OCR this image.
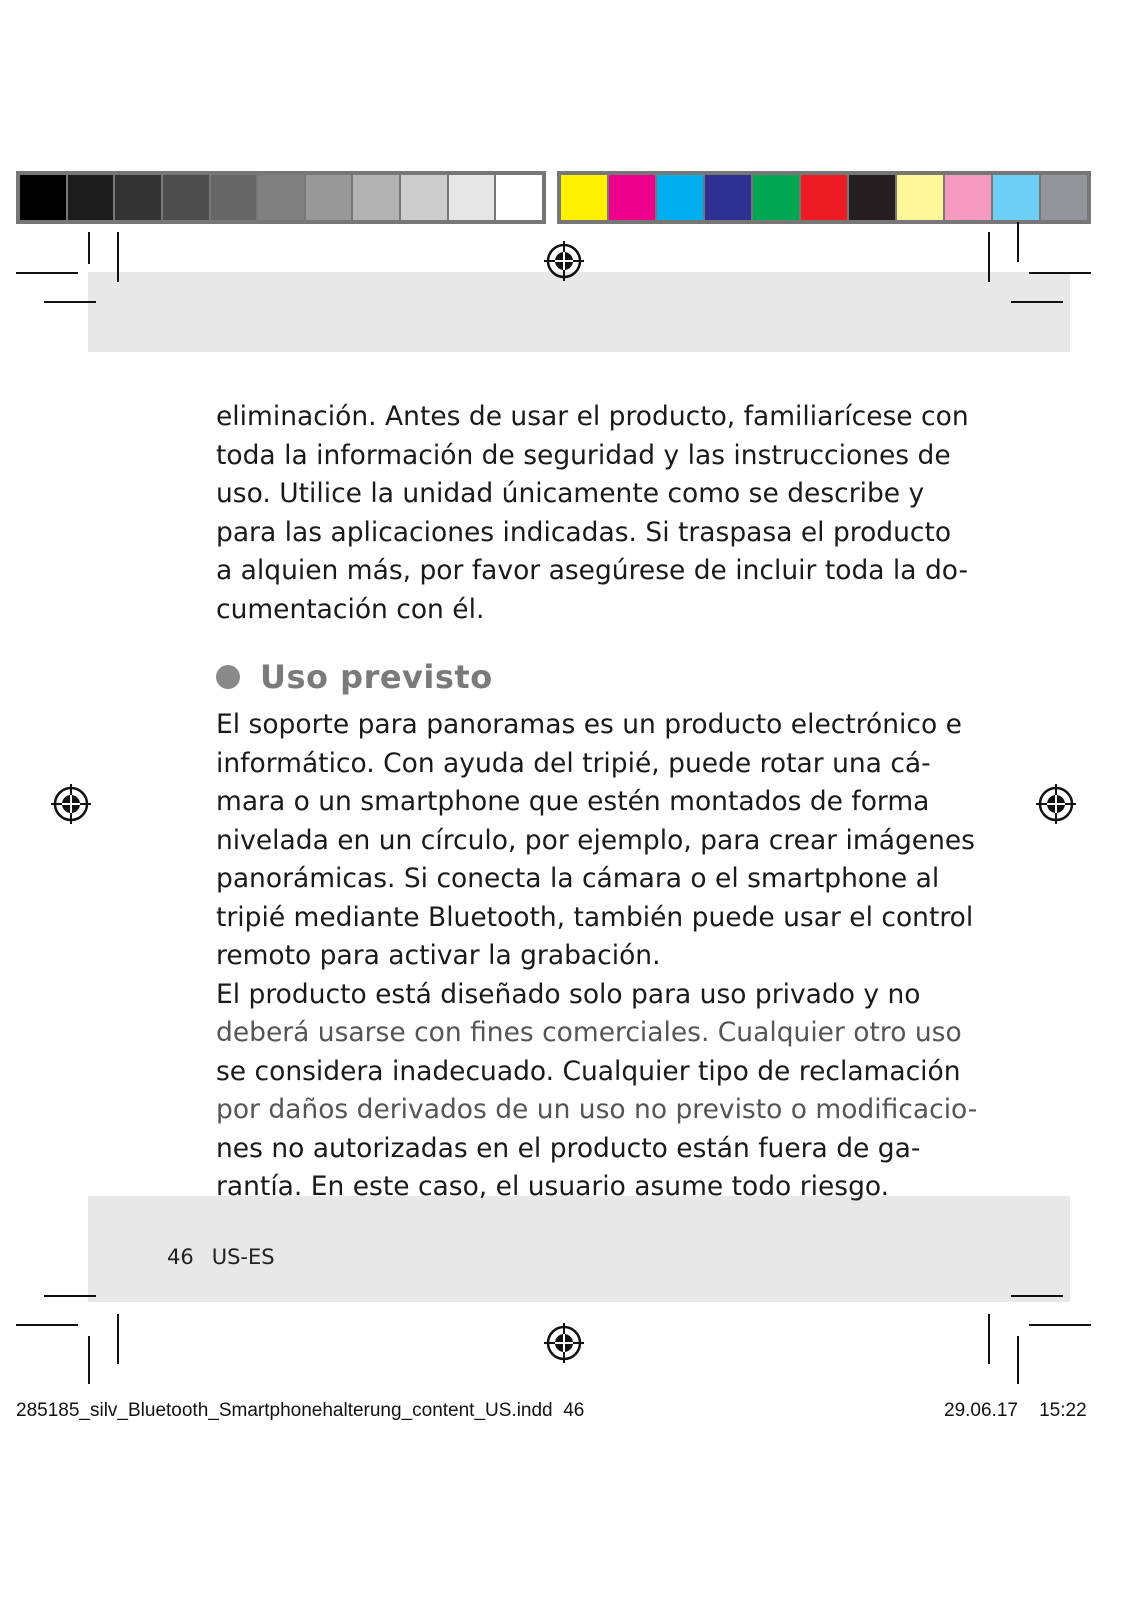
eliminación. Antes de usar el producto, familiarícese con
toda la información de seguridad y las instrucciones de
uso. Utilice la unidad únicamente como se describe y
para las aplicaciones indicadas. Si traspasa el producto
a alquien más, por favor asegúrese de incluir toda la do-
cumentación con él.
Uso previsto
El soporte para panoramas es un producto electrónico e
informático. Con ayuda del tripié, puede rotar una cá-
mara o un smartphone que estén montados de forma
nivelada en un círculo, por ejemplo, para crear imágenes
panorámicas. Si conecta la cámara o el smartphone al
tripié mediante Bluetooth, también puede usar el control
remoto para activar la grabación.
El producto está diseñado solo para uso privado y no
deberá usarse con fines comerciales. Cualquier otro uso
se considera inadecuado. Cualquier tipo de reclamación
por daños derivados de un uso no previsto o modificacio-
nes no autorizadas en el producto están fuera de ga-
rantía. En este caso, el usuario asume todo riesgo.
46 US-ES
285185_silv_Bluetooth_Smartphonehalterung_content_US.indd 46	29.06.17 15:22
